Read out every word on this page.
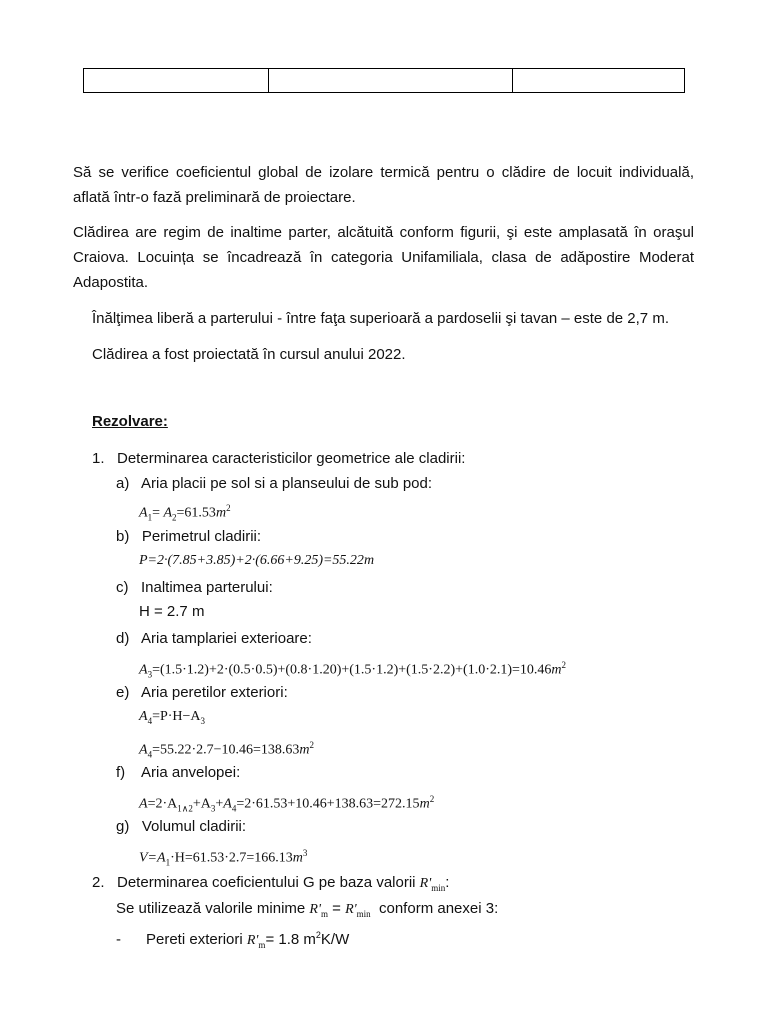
Să se verifice coeficientul global de izolare termică pentru o clădire de locuit individuală, aflată într-o fază preliminară de proiectare.
Clădirea are regim de inaltime parter, alcătuită conform figurii, şi este amplasată în oraşul Craiova. Locuința se încadrează în categoria Unifamiliala, clasa de adăpostire Moderat Adapostita.
Înălţimea liberă a parterului - între faţa superioară a pardoselii şi tavan – este de 2,7 m.
Clădirea a fost proiectată în cursul anului 2022.
Rezolvare:
1.   Determinarea caracteristicilor geometrice ale cladirii:
a)   Aria placii pe sol si a planseului de sub pod:
$A_1= A_2=61.53m^2$
b)   Perimetrul cladirii:
P=2·(7.85+3.85)+2·(6.66+9.25)=55.22m
c)   Inaltimea parterului:
H = 2.7 m
d)   Aria tamplariei exterioare:
$A_3=(1.5\cdot 1.2)+2\cdot(0.5\cdot 0.5)+(0.8\cdot 1.20)+(1.5\cdot 1.2)+(1.5\cdot 2.2)+(1.0\cdot 2.1)=10.46m^2$
e)   Aria peretilor exteriori:
$A_4=P\cdot H-A_3$
$A_4=55.22\cdot 2.7-10.46=138.63m^2$
f)    Aria anvelopei:
$A=2\cdot A_{1\wedge 2}+A_3+A_4=2\cdot 61.53+10.46+138.63=272.15m^2$
g)   Volumul cladirii:
$V=A_1\cdot H=61.53\cdot 2.7=166.13m^3$
2.   Determinarea coeficientului G pe baza valorii $R'_{min}$:
Se utilizează valorile minime $R'_m = R'_{min}$ conform anexei 3:
-      Pereti exteriori $R'_m= 1.8$ $m^2K/W$
